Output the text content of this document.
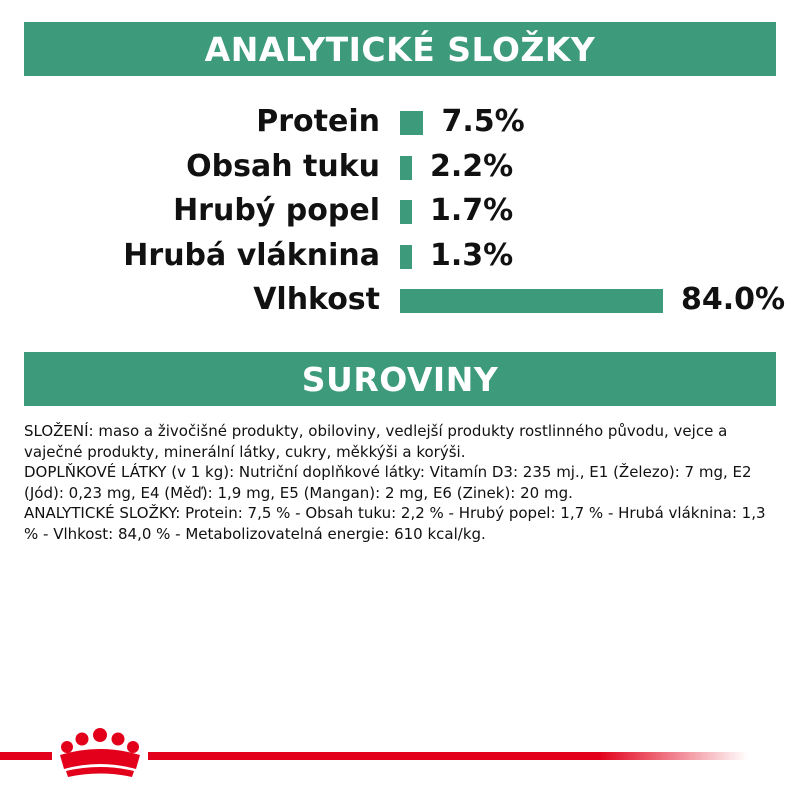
ANALYTICKÉ SLOŽKY
Protein 7.5%
Obsah tuku 2.2%
Hrubý popel 1.7%
Hrubá vláknina 1.3%
Vlhkost	84.0%
SUROVINY
SLOŽENÍ: maso a živočišné produkty, obiloviny, vedlejší produkty rostlinného původu, vejce a vaječné produkty, minerální látky, cukry, měkkýši a korýši.
DOPLŇKOVÉ LÁTKY (v 1 kg): Nutriční doplňkové látky: Vitamín D3: 235 mj., E1 (Železo): 7 mg, E2 (Jód): 0,23 mg, E4 (Měď): 1,9 mg, E5 (Mangan): 2 mg, E6 (Zinek): 20 mg.
ANALYTICKÉ SLOŽKY: Protein: 7,5 % - Obsah tuku: 2,2 % - Hrubý popel: 1,7 % - Hrubá vláknina: 1,3 % - Vlhkost: 84,0 % - Metabolizovatelná energie: 610 kcal/kg.
